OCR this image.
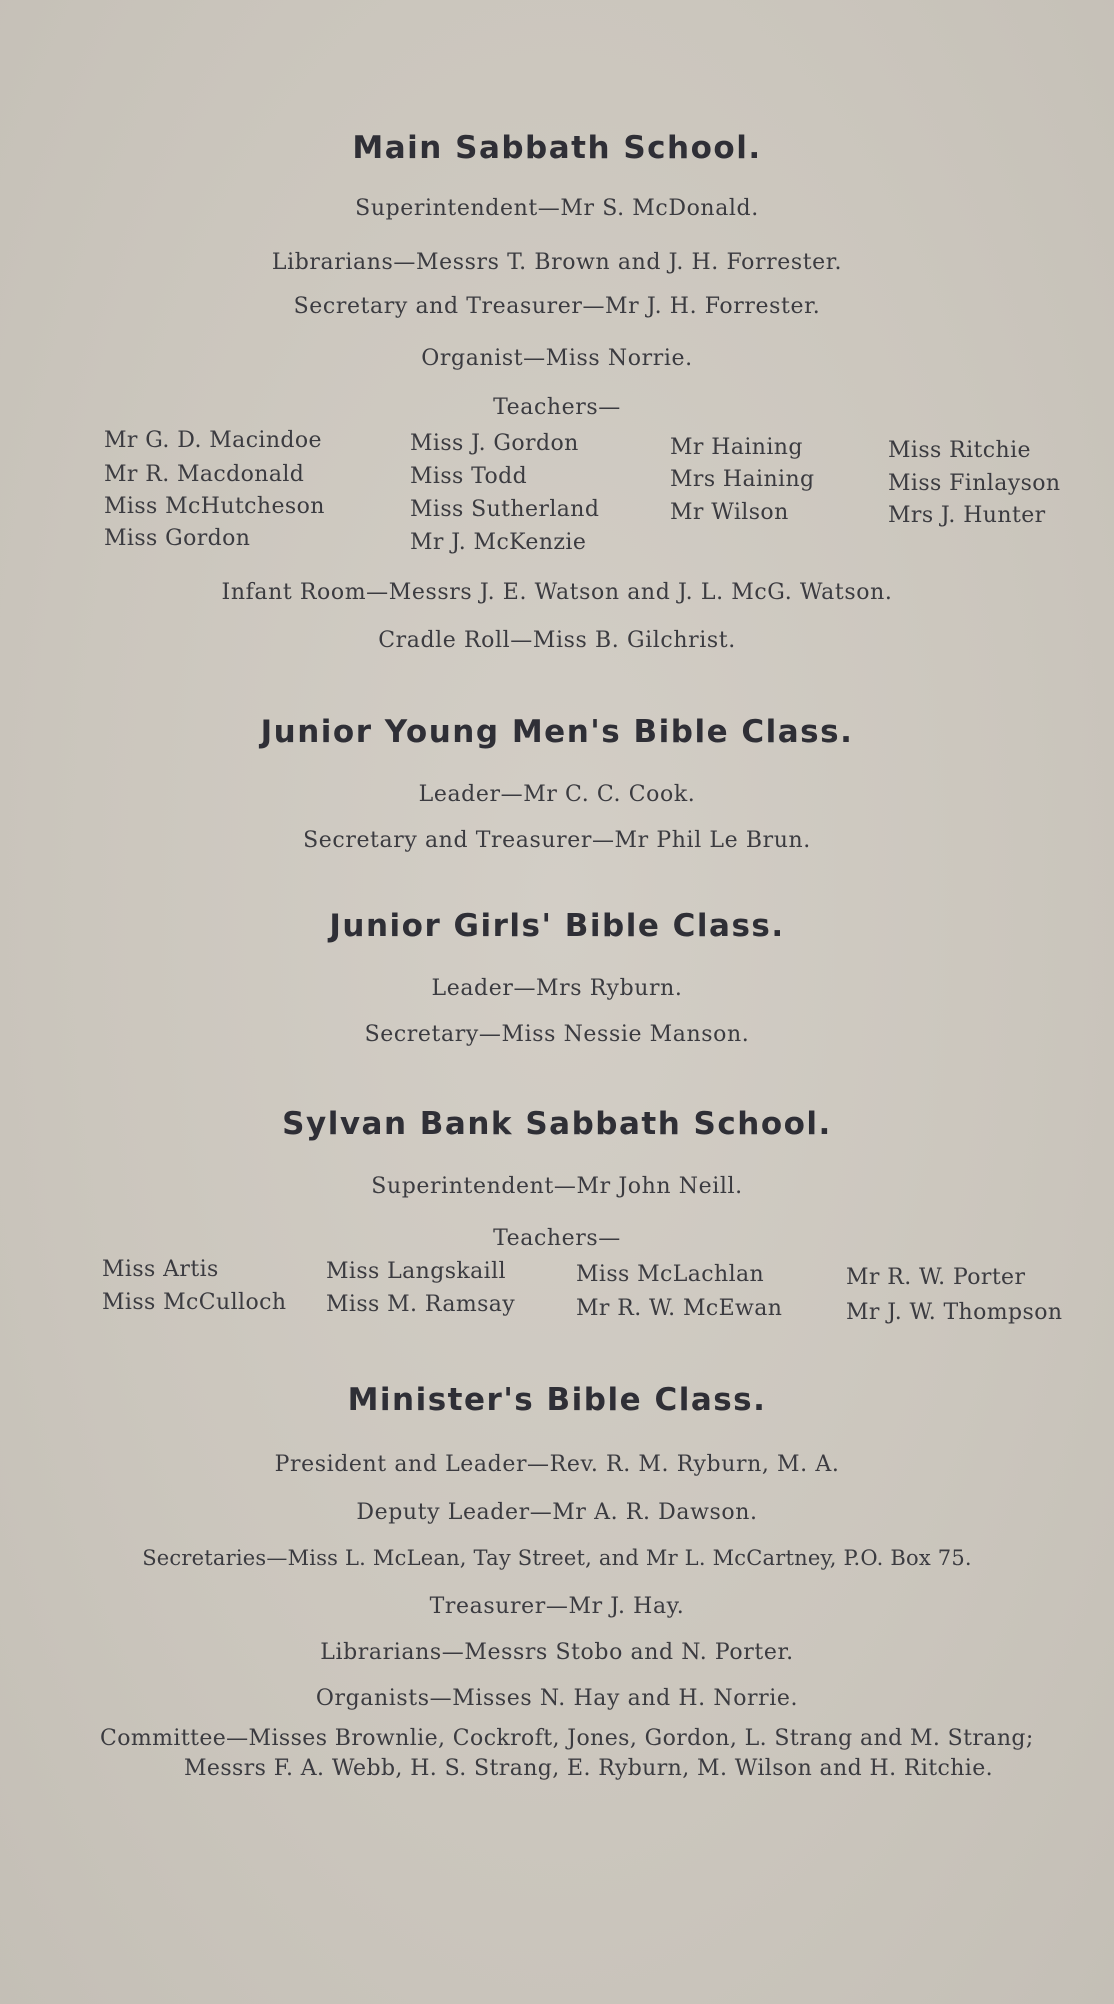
Main Sabbath School.
Superintendent—Mr S. McDonald.
Librarians—Messrs T. Brown and J. H. Forrester.
Secretary and Treasurer—Mr J. H. Forrester.
Organist—Miss Norrie.
Teachers—
Mr G. D. Macindoe
Mr R. Macdonald
Miss McHutcheson
Miss Gordon
Miss J. Gordon
Miss Todd
Miss Sutherland
Mr J. McKenzie
Mr Haining
Mrs Haining
Mr Wilson
Miss Ritchie
Miss Finlayson
Mrs J. Hunter
Infant Room—Messrs J. E. Watson and J. L. McG. Watson.
Cradle Roll—Miss B. Gilchrist.
Junior Young Men's Bible Class.
Leader—Mr C. C. Cook.
Secretary and Treasurer—Mr Phil Le Brun.
Junior Girls' Bible Class.
Leader—Mrs Ryburn.
Secretary—Miss Nessie Manson.
Sylvan Bank Sabbath School.
Superintendent—Mr John Neill.
Teachers—
Miss Artis
Miss McCulloch
Miss Langskaill
Miss M. Ramsay
Miss McLachlan
Mr R. W. McEwan
Mr R. W. Porter
Mr J. W. Thompson
Minister's Bible Class.
President and Leader—Rev. R. M. Ryburn, M. A.
Deputy Leader—Mr A. R. Dawson.
Secretaries—Miss L. McLean, Tay Street, and Mr L. McCartney, P.O. Box 75.
Treasurer—Mr J. Hay.
Librarians—Messrs Stobo and N. Porter.
Organists—Misses N. Hay and H. Norrie.
Committee—Misses Brownlie, Cockroft, Jones, Gordon, L. Strang and M. Strang; Messrs F. A. Webb, H. S. Strang, E. Ryburn, M. Wilson and H. Ritchie.
